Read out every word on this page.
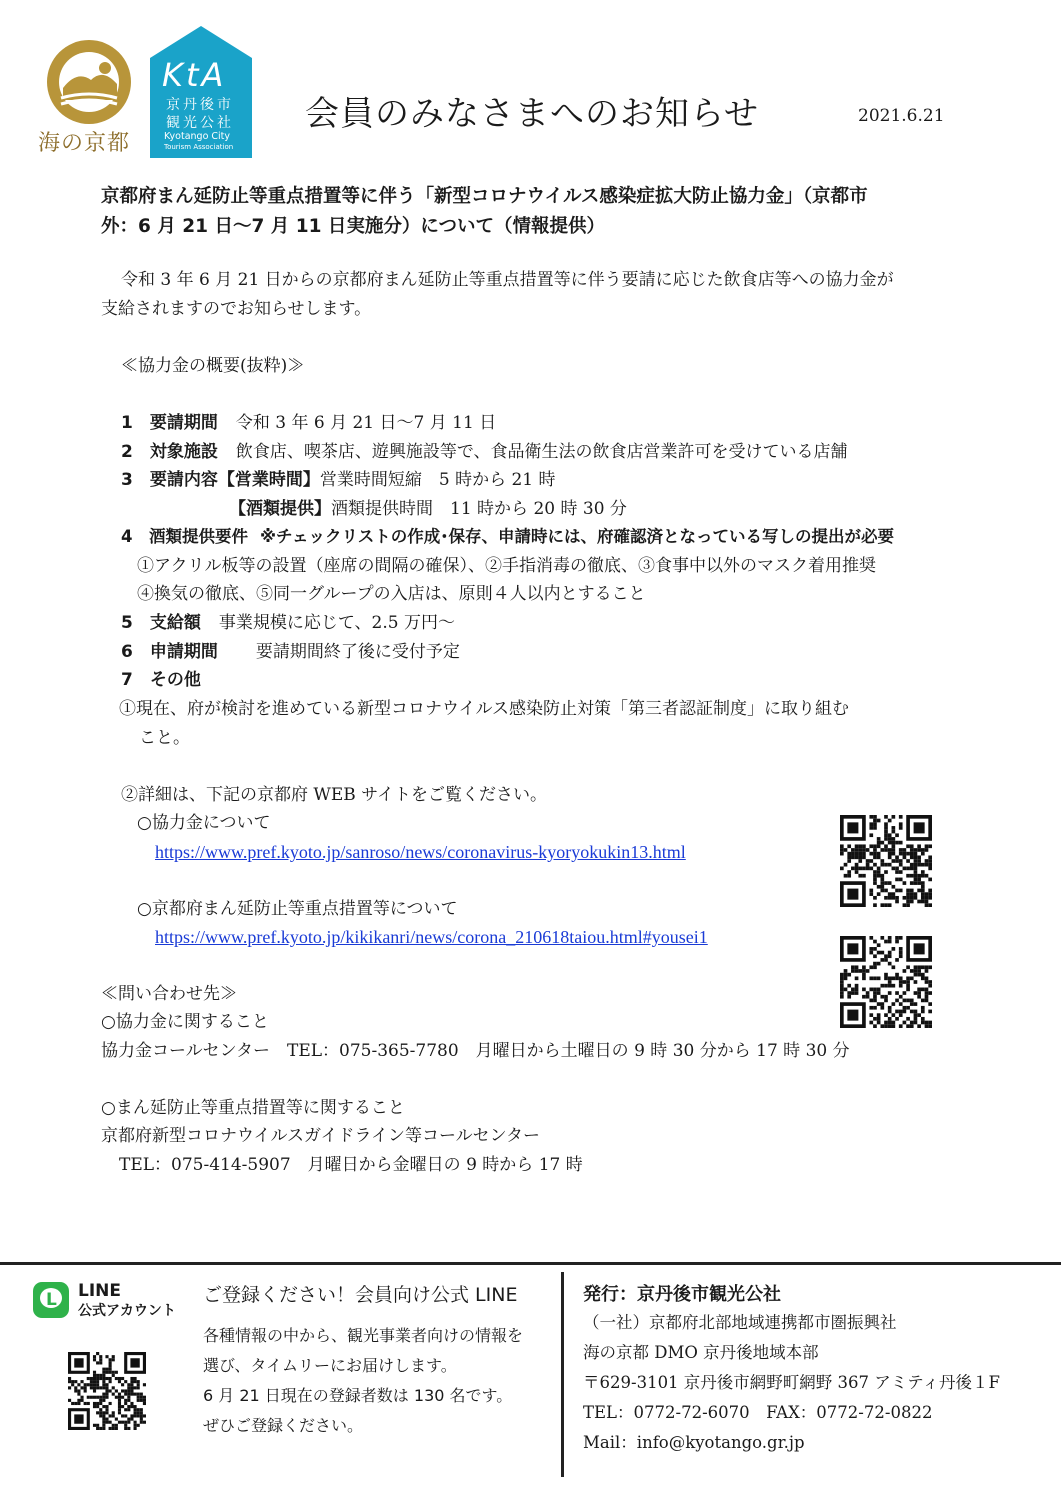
海の京都
KtA
京丹後市
観光公社
Kyotango City
Tourism Association
会員のみなさまへのお知らせ	2021.6.21
京都府まん延防止等重点措置等に伴う「新型コロナウイルス感染症拡大防止協力金」（京都市
外：6 月 21 日～7 月 11 日実施分）について（情報提供）
令和 3 年 6 月 21 日からの京都府まん延防止等重点措置等に伴う要請に応じた飲食店等への協力金が
支給されますのでお知らせします。
≪協力金の概要(抜粋)≫
1　要請期間 令和 3 年 6 月 21 日～7 月 11 日
2　対象施設 飲食店、喫茶店、遊興施設等で、食品衛生法の飲食店営業許可を受けている店舗
3　要請内容【営業時間】営業時間短縮　5 時から 21 時
【酒類提供】酒類提供時間　11 時から 20 時 30 分
4　酒類提供要件 ※チェックリストの作成･保存、申請時には、府確認済となっている写しの提出が必要
①アクリル板等の設置（座席の間隔の確保）、②手指消毒の徹底、③食事中以外のマスク着用推奨
④換気の徹底、⑤同一グループの入店は、原則４人以内とすること
5　支給額 事業規模に応じて、2.5 万円～
6　申請期間 要請期間終了後に受付予定
7　その他
①現在、府が検討を進めている新型コロナウイルス感染防止対策「第三者認証制度」に取り組む
こと。
②詳細は、下記の京都府 WEB サイトをご覧ください。
○協力金について
https://www.pref.kyoto.jp/sanroso/news/coronavirus-kyoryokukin13.html
○京都府まん延防止等重点措置等について
https://www.pref.kyoto.jp/kikikanri/news/corona_210618taiou.html#yousei1
≪問い合わせ先≫
○協力金に関すること
協力金コールセンター　TEL：075-365-7780　月曜日から土曜日の 9 時 30 分から 17 時 30 分
○まん延防止等重点措置等に関すること
京都府新型コロナウイルスガイドライン等コールセンター
TEL：075-414-5907　月曜日から金曜日の 9 時から 17 時
L LINE
公式アカウント
ご登録ください！会員向け公式 LINE
各種情報の中から、観光事業者向けの情報を
選び、タイムリーにお届けします。
6 月 21 日現在の登録者数は 130 名です。
ぜひご登録ください。
発行：京丹後市観光公社
（一社）京都府北部地域連携都市圏振興社
海の京都 DMO 京丹後地域本部
〒629-3101 京丹後市網野町網野 367 アミティ丹後１F
TEL：0772-72-6070　FAX：0772-72-0822
Mail：info@kyotango.gr.jp
